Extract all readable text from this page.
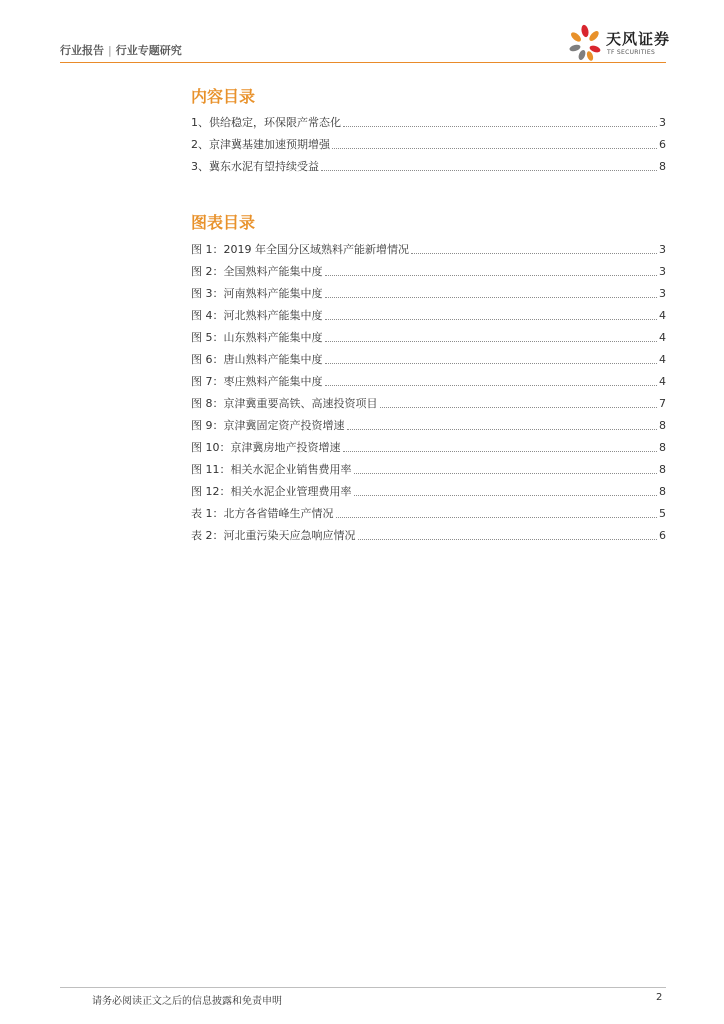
行业报告 | 行业专题研究
天风证券
TF SECURITIES
内容目录
1、供给稳定，环保限产常态化	3
2、京津冀基建加速预期增强	6
3、冀东水泥有望持续受益	8
图表目录
图 1：2019 年全国分区域熟料产能新增情况	3
图 2：全国熟料产能集中度	3
图 3：河南熟料产能集中度	3
图 4：河北熟料产能集中度	4
图 5：山东熟料产能集中度	4
图 6：唐山熟料产能集中度	4
图 7：枣庄熟料产能集中度	4
图 8：京津冀重要高铁、高速投资项目	7
图 9：京津冀固定资产投资增速	8
图 10：京津冀房地产投资增速	8
图 11：相关水泥企业销售费用率	8
图 12：相关水泥企业管理费用率	8
表 1：北方各省错峰生产情况	5
表 2：河北重污染天应急响应情况	6
请务必阅读正文之后的信息披露和免责申明	2
